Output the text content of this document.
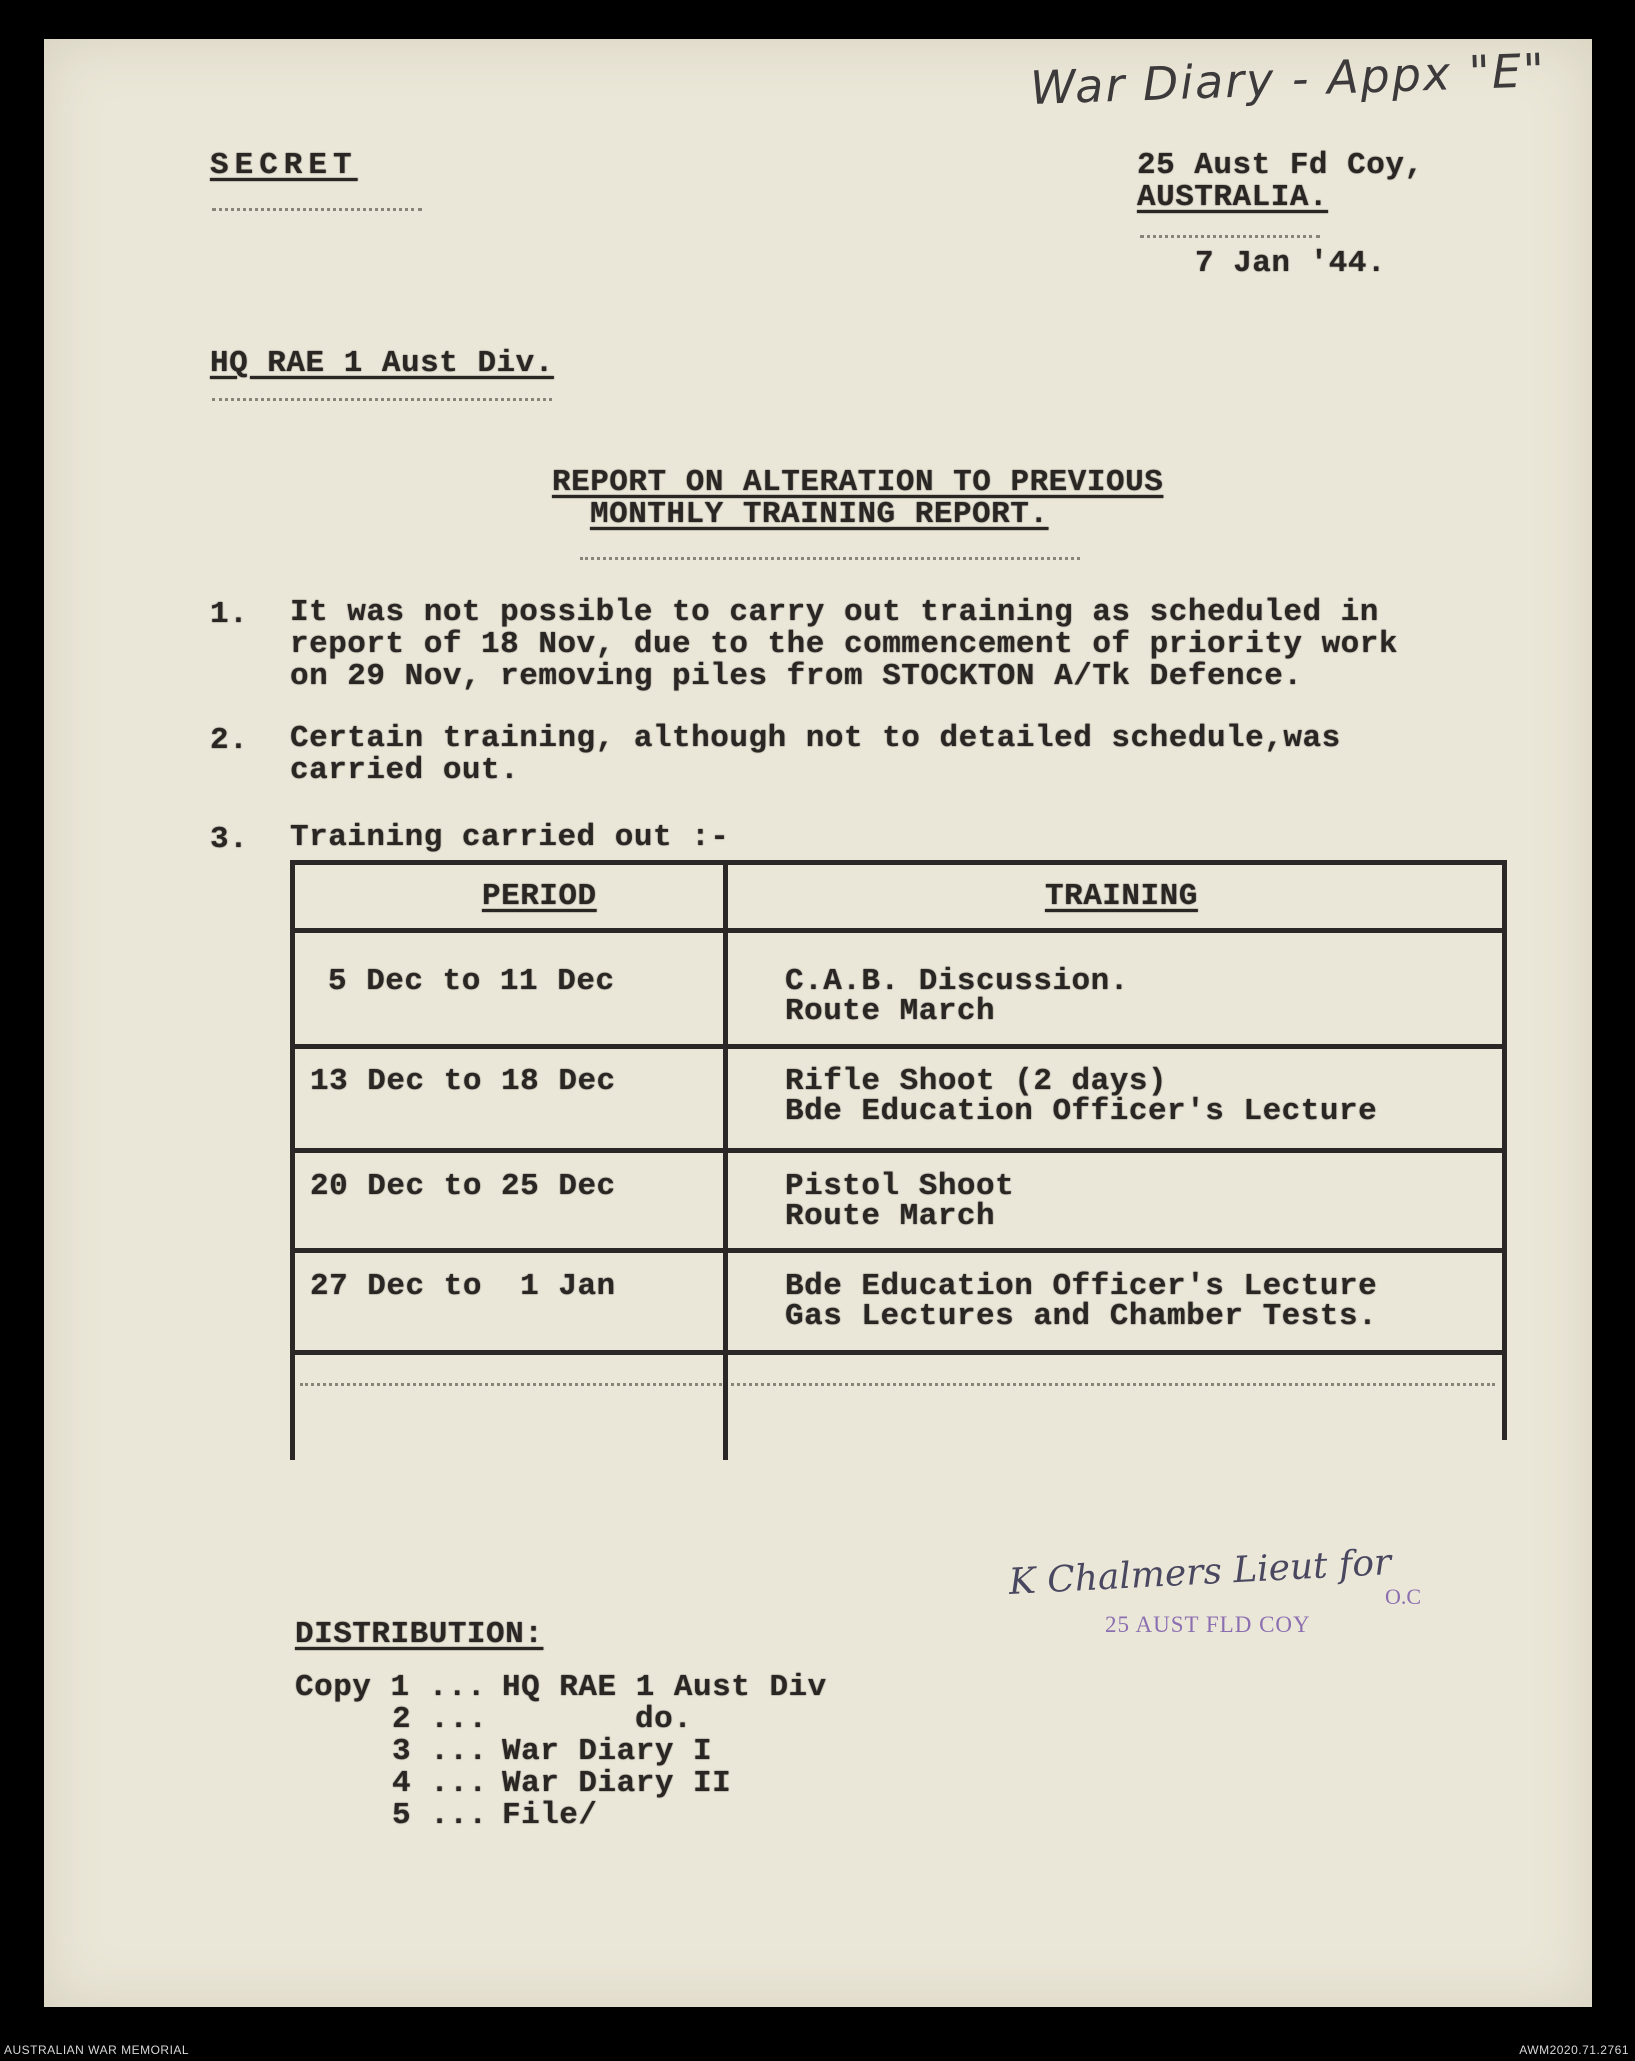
War Diary - Appx "E"
SECRET	25 Aust Fd Coy,
AUSTRALIA.
7 Jan '44.
HQ RAE 1 Aust Div.
REPORT ON ALTERATION TO PREVIOUS
MONTHLY TRAINING REPORT.
1. It was not possible to carry out training as scheduled in report of 18 Nov, due to the commencement of priority work on 29 Nov, removing piles from STOCKTON A/Tk Defence.
2. Certain training, although not to detailed schedule,was carried out.
3. Training carried out :-
PERIOD	TRAINING
5 Dec to 11 Dec	C.A.B. Discussion.
Route March
13 Dec to 18 Dec	Rifle Shoot (2 days)
Bde Education Officer's Lecture
20 Dec to 25 Dec	Pistol Shoot
Route March
27 Dec to  1 Jan	Bde Education Officer's Lecture
Gas Lectures and Chamber Tests.
K Chalmers Lieut for
O.C
25 AUST FLD COY
DISTRIBUTION:
Copy 1 ... HQ RAE 1 Aust Div
2 ...	do.
3 ... War Diary I
4 ... War Diary II
5 ... File/
AUSTRALIAN WAR MEMORIAL	AWM2020.71.2761
